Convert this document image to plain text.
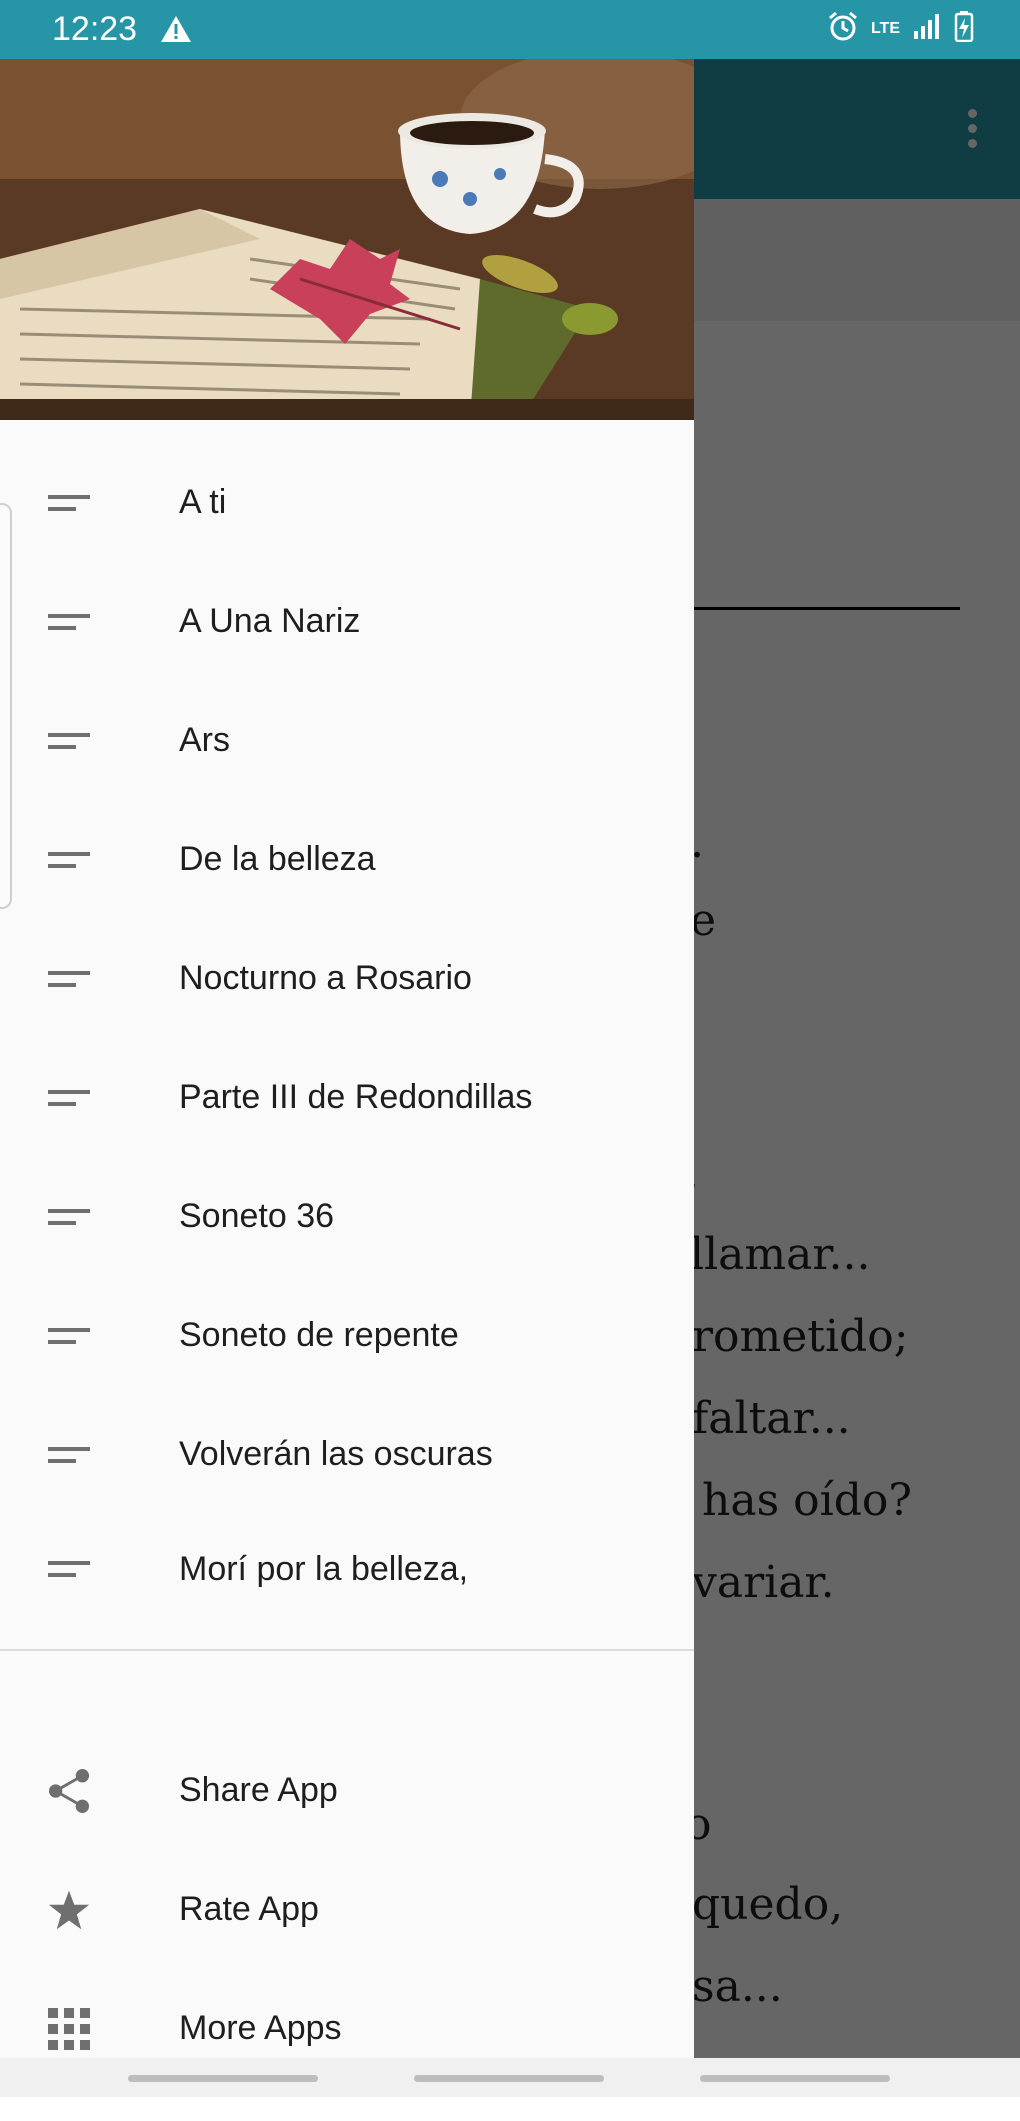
12:23	LTE
A ti
A Una Nariz
Ars
De la belleza
Nocturno a Rosario
Parte III de Redondillas
Soneto 36
Soneto de repente
Volverán las oscuras
Morí por la belleza,
Share App
Rate App
More Apps
